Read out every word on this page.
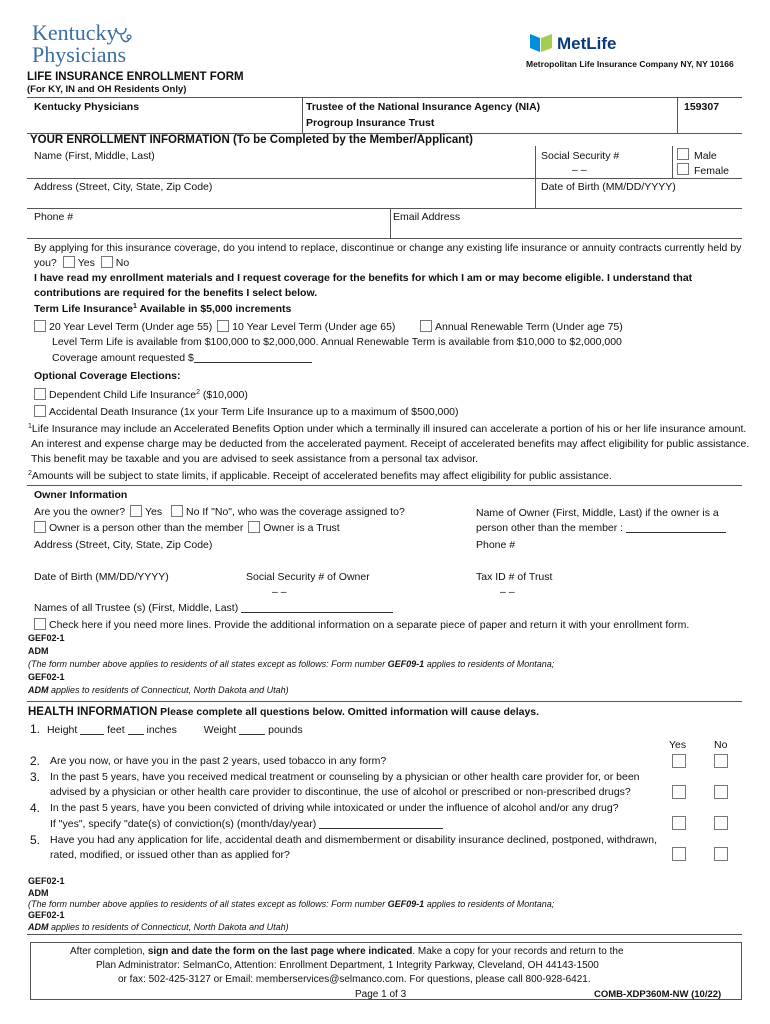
Kentucky
Physicians	MetLife
Metropolitan Life Insurance Company NY, NY 10166
LIFE INSURANCE ENROLLMENT FORM
(For KY, IN and OH Residents Only)
Kentucky Physicians	Trustee of the National Insurance Agency (NIA)
Progroup Insurance Trust
159307
YOUR ENROLLMENT INFORMATION (To be Completed by the Member/Applicant)
Name (First, Middle, Last)	Social Security #
– –
Male
Female
Address (Street, City, State, Zip Code)	Date of Birth (MM/DD/YYYY)
Phone #	Email Address
By applying for this insurance coverage, do you intend to replace, discontinue or change any existing life insurance or annuity contracts currently held by
you? Yes No
I have read my enrollment materials and I request coverage for the benefits for which I am or may become eligible. I understand that
contributions are required for the benefits I select below.
Term Life Insurance$^1$ Available in $5,000 increments
20 Year Level Term (Under age 55) 10 Year Level Term (Under age 65)	Annual Renewable Term (Under age 75)
Level Term Life is available from $100,000 to $2,000,000. Annual Renewable Term is available from $10,000 to $2,000,000
Coverage amount requested $
Optional Coverage Elections:
Dependent Child Life Insurance$^2$ ($10,000)
Accidental Death Insurance (1x your Term Life Insurance up to a maximum of $500,000)
$^1$Life Insurance may include an Accelerated Benefits Option under which a terminally ill insured can accelerate a portion of his or her life insurance amount.
An interest and expense charge may be deducted from the accelerated payment. Receipt of accelerated benefits may affect eligibility for public assistance.
This benefit may be taxable and you are advised to seek assistance from a personal tax advisor.
$^2$Amounts will be subject to state limits, if applicable. Receipt of accelerated benefits may affect eligibility for public assistance.
Owner Information
Are you the owner? Yes No If "No", who was the coverage assigned to?
Owner is a person other than the member Owner is a Trust
Name of Owner (First, Middle, Last) if the owner is a
person other than the member :
Address (Street, City, State, Zip Code)	Phone #
Date of Birth (MM/DD/YYYY)	Social Security # of Owner
– –
Tax ID # of Trust
– –
Names of all Trustee (s) (First, Middle, Last)
Check here if you need more lines. Provide the additional information on a separate piece of paper and return it with your enrollment form.
GEF02-1
ADM
(The form number above applies to residents of all states except as follows: Form number GEF09-1 applies to residents of Montana;
GEF02-1
ADM applies to residents of Connecticut, North Dakota and Utah)
HEALTH INFORMATION Please complete all questions below. Omitted information will cause delays.
1. Height	feet inches	Weight	pounds
Yes	No
2. Are you now, or have you in the past 2 years, used tobacco in any form?
3. In the past 5 years, have you received medical treatment or counseling by a physician or other health care provider for, or been
advised by a physician or other health care provider to discontinue, the use of alcohol or prescribed or non-prescribed drugs?
4. In the past 5 years, have you been convicted of driving while intoxicated or under the influence of alcohol and/or any drug?
If "yes", specify "date(s) of conviction(s) (month/day/year)
5. Have you had any application for life, accidental death and dismemberment or disability insurance declined, postponed, withdrawn,
rated, modified, or issued other than as applied for?
GEF02-1
ADM
(The form number above applies to residents of all states except as follows: Form number GEF09-1 applies to residents of Montana;
GEF02-1
ADM applies to residents of Connecticut, North Dakota and Utah)
After completion, sign and date the form on the last page where indicated. Make a copy for your records and return to the
Plan Administrator: SelmanCo, Attention: Enrollment Department, 1 Integrity Parkway, Cleveland, OH 44143-1500
or fax: 502-425-3127 or Email: memberservices@selmanco.com. For questions, please call 800-928-6421.
Page 1 of 3	COMB-XDP360M-NW (10/22)
